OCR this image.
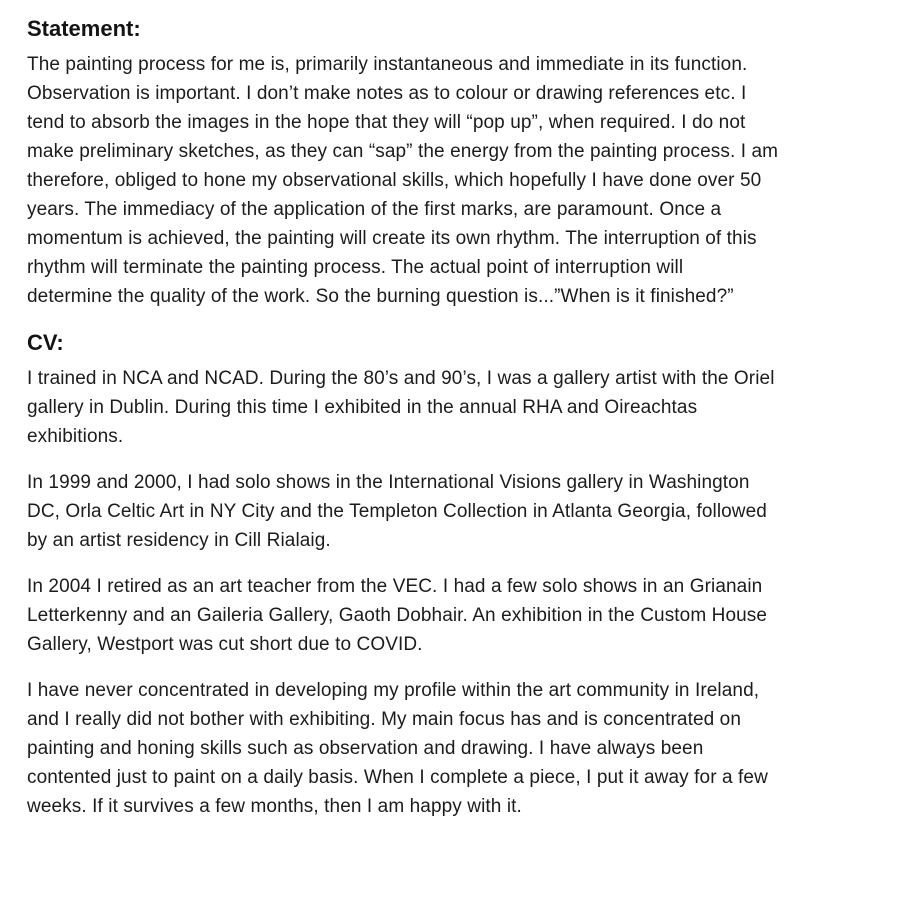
Statement:
The painting process for me is, primarily instantaneous and immediate in its function.
Observation is important. I don’t make notes as to colour or drawing references etc. I
tend to absorb the images in the hope that they will “pop up”, when required. I do not
make preliminary sketches, as they can “sap” the energy from the painting process. I am
therefore, obliged to hone my observational skills, which hopefully I have done over 50
years. The immediacy of the application of the first marks, are paramount. Once a
momentum is achieved, the painting will create its own rhythm. The interruption of this
rhythm will terminate the painting process. The actual point of interruption will
determine the quality of the work. So the burning question is...”When is it finished?”
CV:
I trained in NCA and NCAD. During the 80’s and 90’s, I was a gallery artist with the Oriel
gallery in Dublin. During this time I exhibited in the annual RHA and Oireachtas
exhibitions.
In 1999 and 2000, I had solo shows in the International Visions gallery in Washington
DC, Orla Celtic Art in NY City and the Templeton Collection in Atlanta Georgia, followed
by an artist residency in Cill Rialaig.
In 2004 I retired as an art teacher from the VEC. I had a few solo shows in an Grianain
Letterkenny and an Gaileria Gallery, Gaoth Dobhair. An exhibition in the Custom House
Gallery, Westport was cut short due to COVID.
I have never concentrated in developing my profile within the art community in Ireland,
and I really did not bother with exhibiting. My main focus has and is concentrated on
painting and honing skills such as observation and drawing. I have always been
contented just to paint on a daily basis. When I complete a piece, I put it away for a few
weeks. If it survives a few months, then I am happy with it.
